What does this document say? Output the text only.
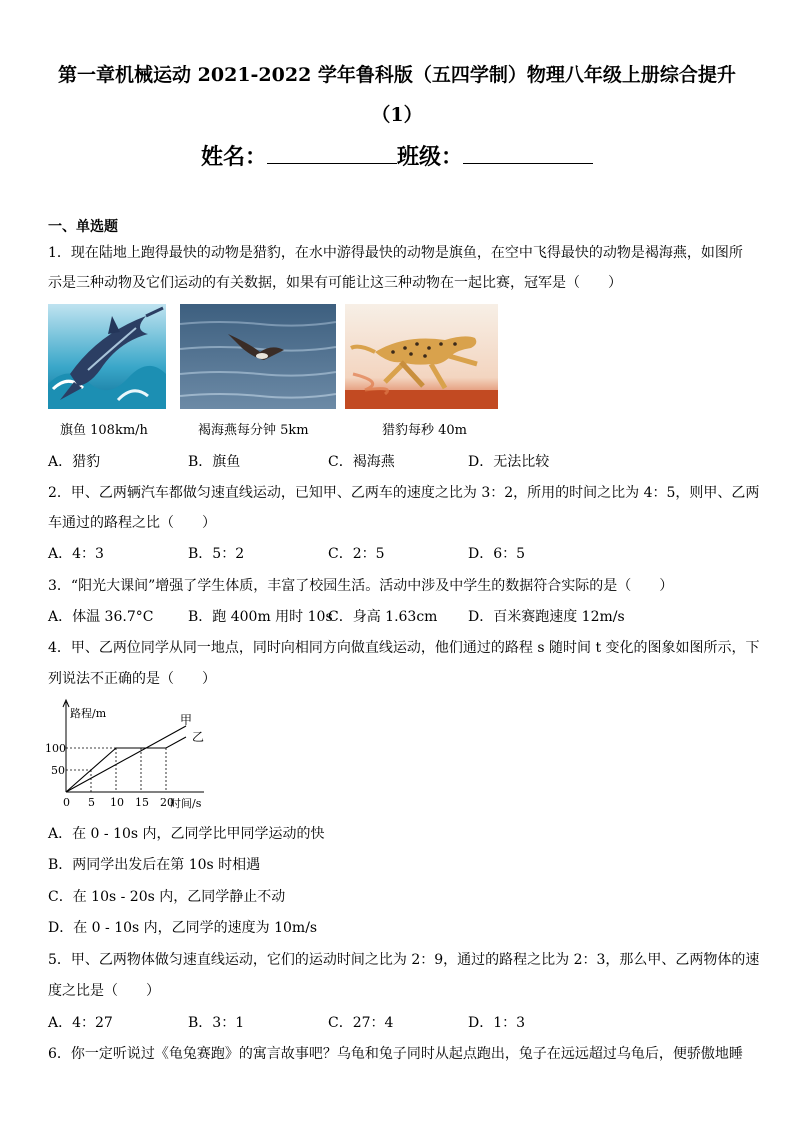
第一章机械运动 2021-2022 学年鲁科版（五四学制）物理八年级上册综合提升
（1）
姓名：	班级：
一、单选题
1．现在陆地上跑得最快的动物是猎豹，在水中游得最快的动物是旗鱼，在空中飞得最快的动物是褐海燕，如图所
示是三种动物及它们运动的有关数据，如果有可能让这三种动物在一起比赛，冠军是（　　）
旗鱼 108km/h	褐海燕每分钟 5km	猎豹每秒 40m
A．猎豹	B．旗鱼	C．褐海燕	D．无法比较
2．甲、乙两辆汽车都做匀速直线运动，已知甲、乙两车的速度之比为 3：2，所用的时间之比为 4：5，则甲、乙两
车通过的路程之比（　　）
A．4：3	B．5：2	C．2：5	D．6：5
3．“阳光大课间”增强了学生体质，丰富了校园生活。活动中涉及中学生的数据符合实际的是（　　）
A．体温 36.7°C B．跑 400m 用时 10sC．身高 1.63cm D．百米赛跑速度 12m/s
4．甲、乙两位同学从同一地点，同时向相同方向做直线运动，他们通过的路程 s 随时间 t 变化的图象如图所示，下
列说法不正确的是（　　）
路程/m
时间/s
0 5 10 15 20
50
100
甲
乙
A．在 0 - 10s 内，乙同学比甲同学运动的快
B．两同学出发后在第 10s 时相遇
C．在 10s - 20s 内，乙同学静止不动
D．在 0 - 10s 内，乙同学的速度为 10m/s
5．甲、乙两物体做匀速直线运动，它们的运动时间之比为 2：9，通过的路程之比为 2：3，那么甲、乙两物体的速
度之比是（　　）
A．4：27	B．3：1	C．27：4	D．1：3
6．你一定听说过《龟兔赛跑》的寓言故事吧？乌龟和兔子同时从起点跑出，兔子在远远超过乌龟后，便骄傲地睡
